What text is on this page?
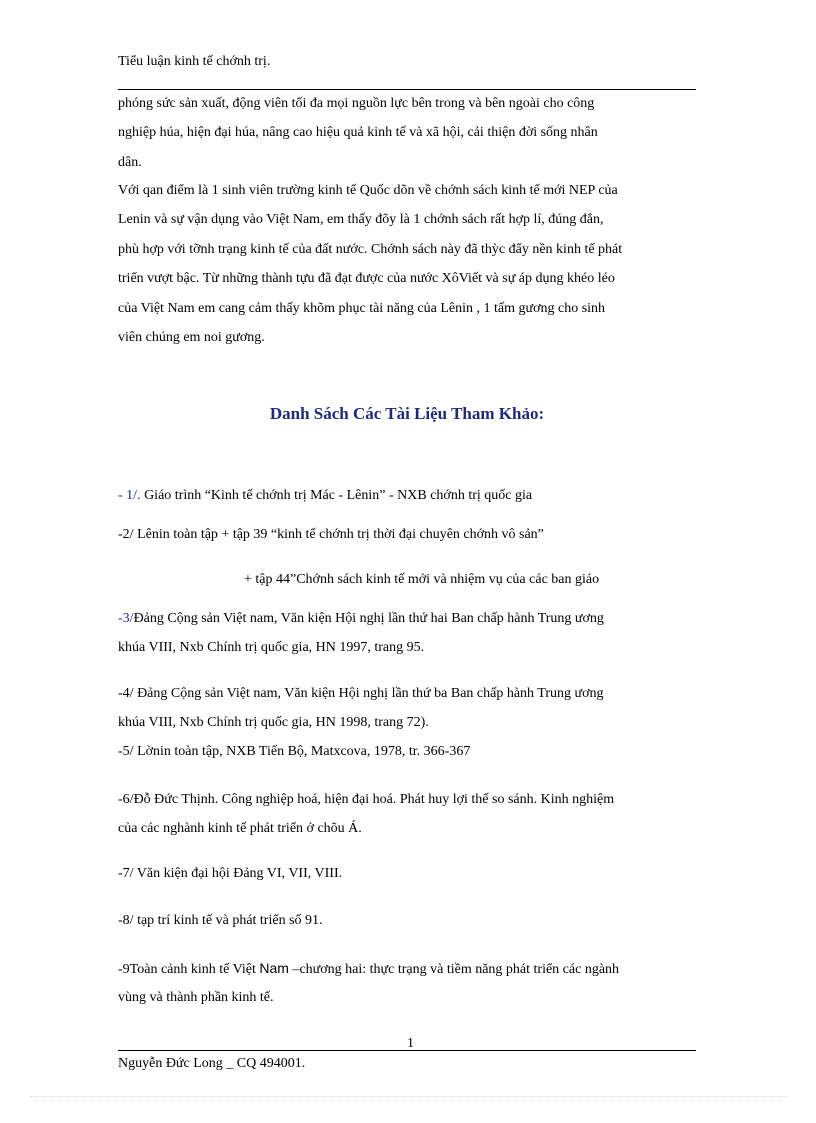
Tiểu luận kinh tế chớnh trị.

phóng sức sản xuất, động viên tối đa mọi nguồn lực bên trong và bên ngoài cho công

nghiệp húa, hiện đại húa, nâng cao hiệu quả kinh tế và xã hội, cải thiện đời sống nhân

dân.

Với qan điểm là 1 sinh viên trường kinh tế Quốc dõn về chớnh sách kinh tế mới NEP của

Lenin và sự vận dụng vào Việt Nam, em thấy đõy là 1 chớnh sách rất hợp lí, đúng đắn,

phù hợp với tỡnh trạng kinh tế của đất nước. Chớnh sách này đã thỳc đẩy nền kinh tế phát

triển vượt bậc. Từ những thành tựu đã đạt được của nước XôViết và sự áp dụng khéo léo

của Việt Nam em cang cảm thấy khõm phục tài năng của Lênin , 1 tấm gương cho sinh

viên chúng em noi gương.

Danh Sách Các Tài Liệu Tham Khảo:
- 1/. Giáo trình “Kinh tế chớnh trị Mác - Lênin” - NXB chớnh trị quốc gia
-2/ Lênin toàn tập + tập 39 “kinh tế chớnh trị thời đại chuyên chớnh vô sản”
+ tập 44”Chớnh sách kinh tế mới và nhiệm vụ của các ban giáo
-3/Đảng Cộng sản Việt nam, Văn kiện Hội nghị lần thứ hai Ban chấp hành Trung ương
khúa VIII, Nxb Chính trị quốc gia, HN 1997, trang 95.
-4/ Đảng Cộng sản Việt nam, Văn kiện Hội nghị lần thứ ba Ban chấp hành Trung ương
khúa VIII, Nxb Chính trị quốc gia, HN 1998, trang 72).
-5/ Lờnin toàn tập, NXB Tiến Bộ, Matxcova, 1978, tr. 366-367
-6/Đỗ Đức Thịnh. Công nghiệp hoá, hiện đại hoá. Phát huy lợi thế so sánh. Kinh nghiệm
của các nghành kinh tế phát triển ở chõu Á.
-7/ Văn kiện đại hội Đảng VI, VII, VIII.
-8/ tạp trí kinh tế và phát triển số 91.
-9Toàn cảnh kinh tế Việt Nam –chương hai: thực trạng và tiềm năng phát triển các ngành
vùng và thành phần kinh tế.
1
Nguyễn Đức Long _ CQ 494001.
